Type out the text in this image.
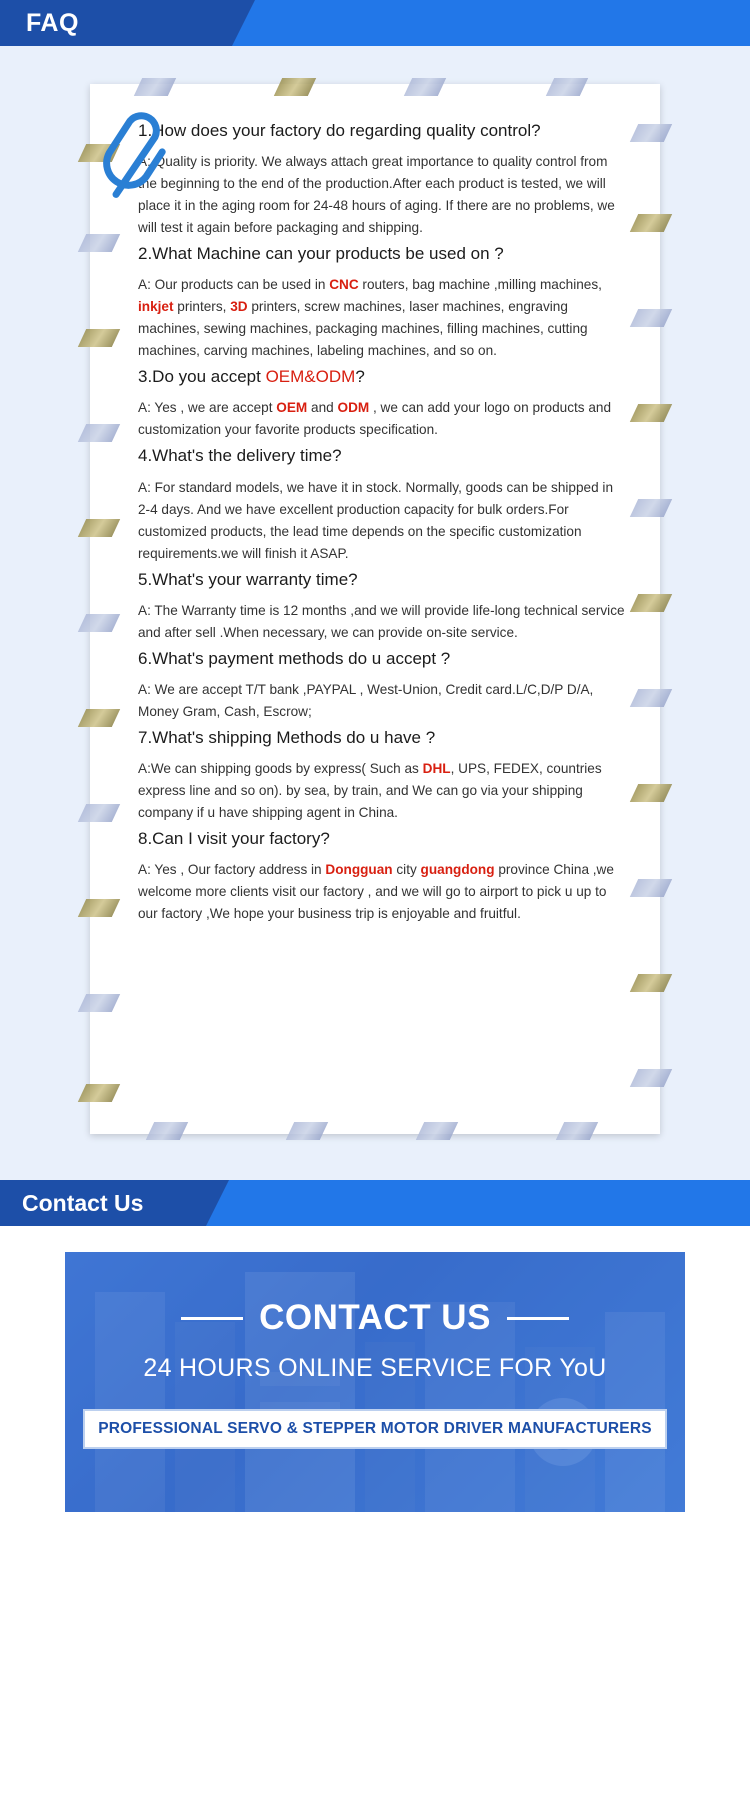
FAQ
1.How does your factory do regarding quality control?

A: Quality is priority. We always attach great importance to quality control from the beginning to the end of the production.After each product is tested, we will place it in the aging room for 24-48 hours of aging. If there are no problems, we will test it again before packaging and shipping.

2.What Machine can your products be used on ?

A: Our products can be used in CNC routers, bag machine ,milling machines, inkjet printers, 3D printers, screw machines, laser machines, engraving machines, sewing machines, packaging machines, filling machines, cutting machines, carving machines, labeling machines, and so on.

3.Do you accept OEM&ODM?

A: Yes , we are accept OEM and ODM , we can add your logo on products and customization your favorite products specification.

4.What's the delivery time?

A: For standard models, we have it in stock. Normally, goods can be shipped in 2-4 days. And we have excellent production capacity for bulk orders.For customized products, the lead time depends on the specific customization requirements.we will finish it ASAP.

5.What's your warranty time?

A: The Warranty time is 12 months ,and we will provide life-long technical service and after sell .When necessary, we can provide on-site service.

6.What's payment methods do u accept ?

A: We are accept T/T bank ,PAYPAL , West-Union, Credit card.L/C,D/P D/A, Money Gram, Cash, Escrow;

7.What's shipping Methods do u have ?

A:We can shipping goods by express( Such as DHL, UPS, FEDEX, countries express line and so on). by sea, by train, and We can go via your shipping company if u have shipping agent in China.

8.Can I visit your factory?

A: Yes , Our factory address in Dongguan city guangdong province China ,we welcome more clients visit our factory , and we will go to airport to pick u up to our factory ,We hope your business trip is enjoyable and fruitful.

Contact Us
CONTACT US
24 HOURS ONLINE SERVICE FOR YoU
PROFESSIONAL SERVO & STEPPER MOTOR DRIVER MANUFACTURERS
